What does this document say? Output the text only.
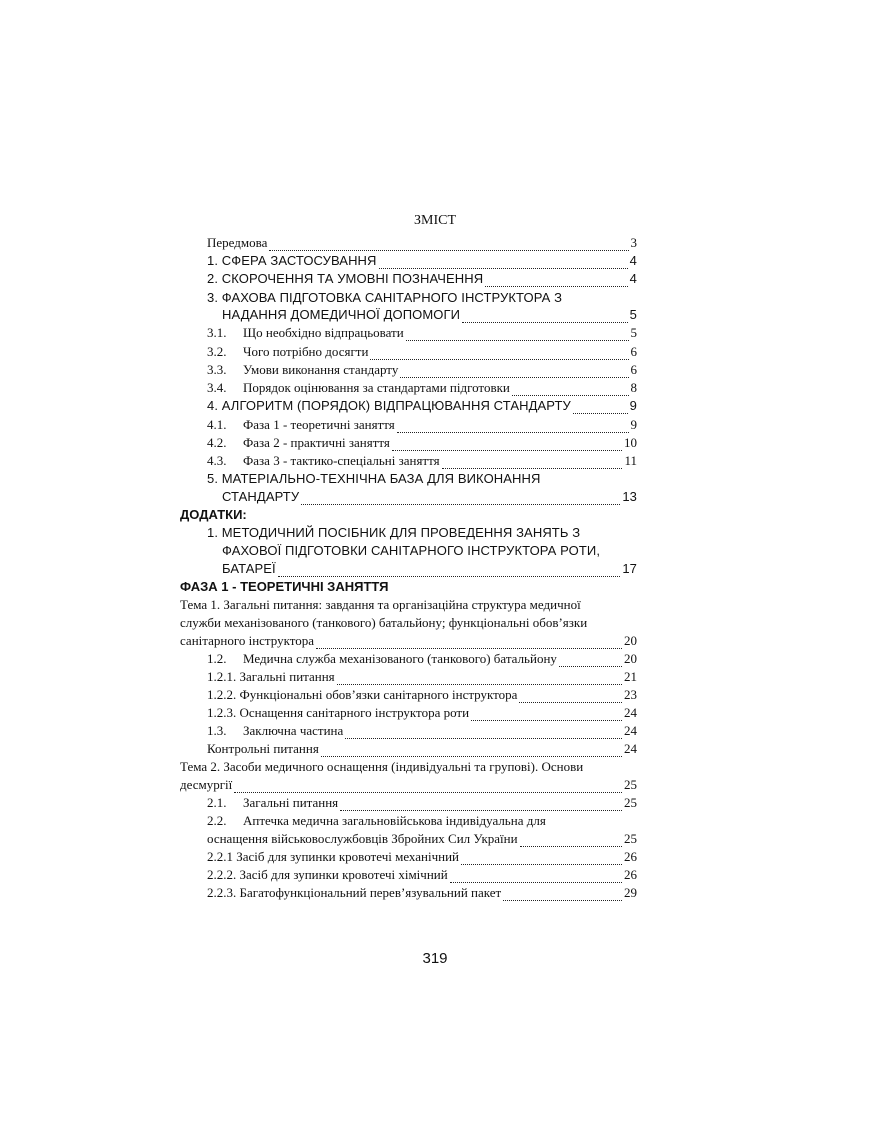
ЗМІСТ
Передмова	3
1. СФЕРА ЗАСТОСУВАННЯ	4
2. СКОРОЧЕННЯ ТА УМОВНІ ПОЗНАЧЕННЯ	4
3. ФАХОВА ПІДГОТОВКА САНІТАРНОГО ІНСТРУКТОРА З
НАДАННЯ ДОМЕДИЧНОЇ ДОПОМОГИ	5
3.1.	Що необхідно відпрацьовати	5
3.2.	Чого потрібно досягти	6
3.3.	Умови виконання стандарту	6
3.4.	Порядок оцінювання за стандартами підготовки	8
4. АЛГОРИТМ (ПОРЯДОК) ВІДПРАЦЮВАННЯ СТАНДАРТУ	9
4.1.	Фаза 1 - теоретичні заняття	9
4.2.	Фаза 2 - практичні заняття	10
4.3.	Фаза 3 - тактико-спеціальні заняття	11
5. МАТЕРІАЛЬНО-ТЕХНІЧНА БАЗА ДЛЯ ВИКОНАННЯ
СТАНДАРТУ	13
ДОДАТКИ:
1. МЕТОДИЧНИЙ ПОСІБНИК ДЛЯ ПРОВЕДЕННЯ ЗАНЯТЬ З
ФАХОВОЇ ПІДГОТОВКИ САНІТАРНОГО ІНСТРУКТОРА РОТИ,
БАТАРЕЇ	17
ФАЗА 1 - ТЕОРЕТИЧНІ ЗАНЯТТЯ
Тема 1. Загальні питання: завдання та організаційна структура медичної
служби механізованого (танкового) батальйону; функціональні обов’язки
санітарного інструктора	20
1.2.	Медична служба механізованого (танкового) батальйону	20
1.2.1. Загальні питання	21
1.2.2. Функціональні обов’язки санітарного інструктора	23
1.2.3. Оснащення санітарного інструктора роти	24
1.3.	Заключна частина	24
Контрольні питання	24
Тема 2. Засоби медичного оснащення (індивідуальні та групові). Основи
десмургії	25
2.1.	Загальні питання	25
2.2. Аптечка медична загальновійськова індивідуальна для
оснащення військовослужбовців Збройних Сил України	25
2.2.1 Засіб для зупинки кровотечі механічний	26
2.2.2. Засіб для зупинки кровотечі хімічний	26
2.2.3. Багатофункціональний перев’язувальний пакет	29
319
